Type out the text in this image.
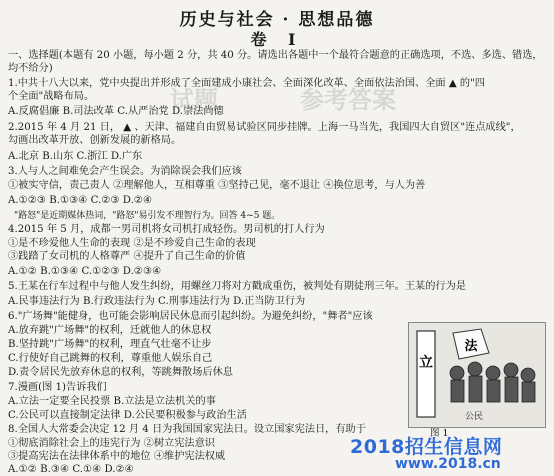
试题	参考答案
历史与社会 · 思想品德
卷 Ⅰ
一、选择题(本题有 20 小题，每小题 2 分，共 40 分。请选出各题中一个最符合题意的正确选项，不选、多选、错选，
均不给分)
1.中共十八大以来，党中央提出并形成了全面建成小康社会、全面深化改革、全面依法治国、全面 ▲ 的"四
个全面"战略布局。
A.反腐倡廉 B.司法改革 C.从严治党 D.崇法尚德
2.2015 年 4 月 21 日， ▲ 、天津、福建自由贸易试验区同步挂牌。上海一马当先，我国四大自贸区"连点成线"，
勾画出改革开放、创新发展的新格局。
A.北京 B.山东 C.浙江 D.广东
3.人与人之间难免会产生误会。为消除误会我们应该
①被实守信，责己责人 ②理解他人，互相尊重 ③坚持己见，毫不退让 ④换位思考，与人为善
A.①②③ B.①③④ C.②③ D.②④
"路怒"是近期媒体热词，"路怒"易引发不理智行为。回答 4~5 题。
4.2015 年 5 月，成都一男司机将女司机打成轻伤。男司机的打人行为
①是不珍爱他人生命的表现 ②是不珍爱自己生命的表现
③践踏了女司机的人格尊严 ④提升了自己生命的价值
A.①② B.①③④ C.①②③ D.②③④
5.王某在行车过程中与他人发生纠纷，用螺丝刀将对方戳成重伤，被判处有期徒刑三年。王某的行为是
A.民事违法行为 B.行政违法行为 C.刑事违法行为 D.正当防卫行为
6."广场舞"能健身，也可能会影响居民休息而引起纠纷。为避免纠纷，"舞者"应该
A.放弃跳"广场舞"的权利，迁就他人的休息权
B.坚持跳"广场舞"的权利，理直气壮毫不让步
C.行使好自己跳舞的权利，尊重他人娱乐自己
D.责令居民先放弃休息的权利，等跳舞散场后休息
7.漫画(图 1)告诉我们
A.立法一定要全民投票 B.立法是立法机关的事
C.公民可以直接制定法律 D.公民要积极参与政治生活
8.全国人大常委会决定 12 月 4 日为我国国家宪法日。设立国家宪法日，有助于
①彻底消除社会上的违宪行为 ②树立宪法意识
③提高宪法在法律体系中的地位 ④维护宪法权威
A.①② B.③④ C.①④ D.②④
立
法
公民
图 1
2018招生信息网
www.2018.cn
